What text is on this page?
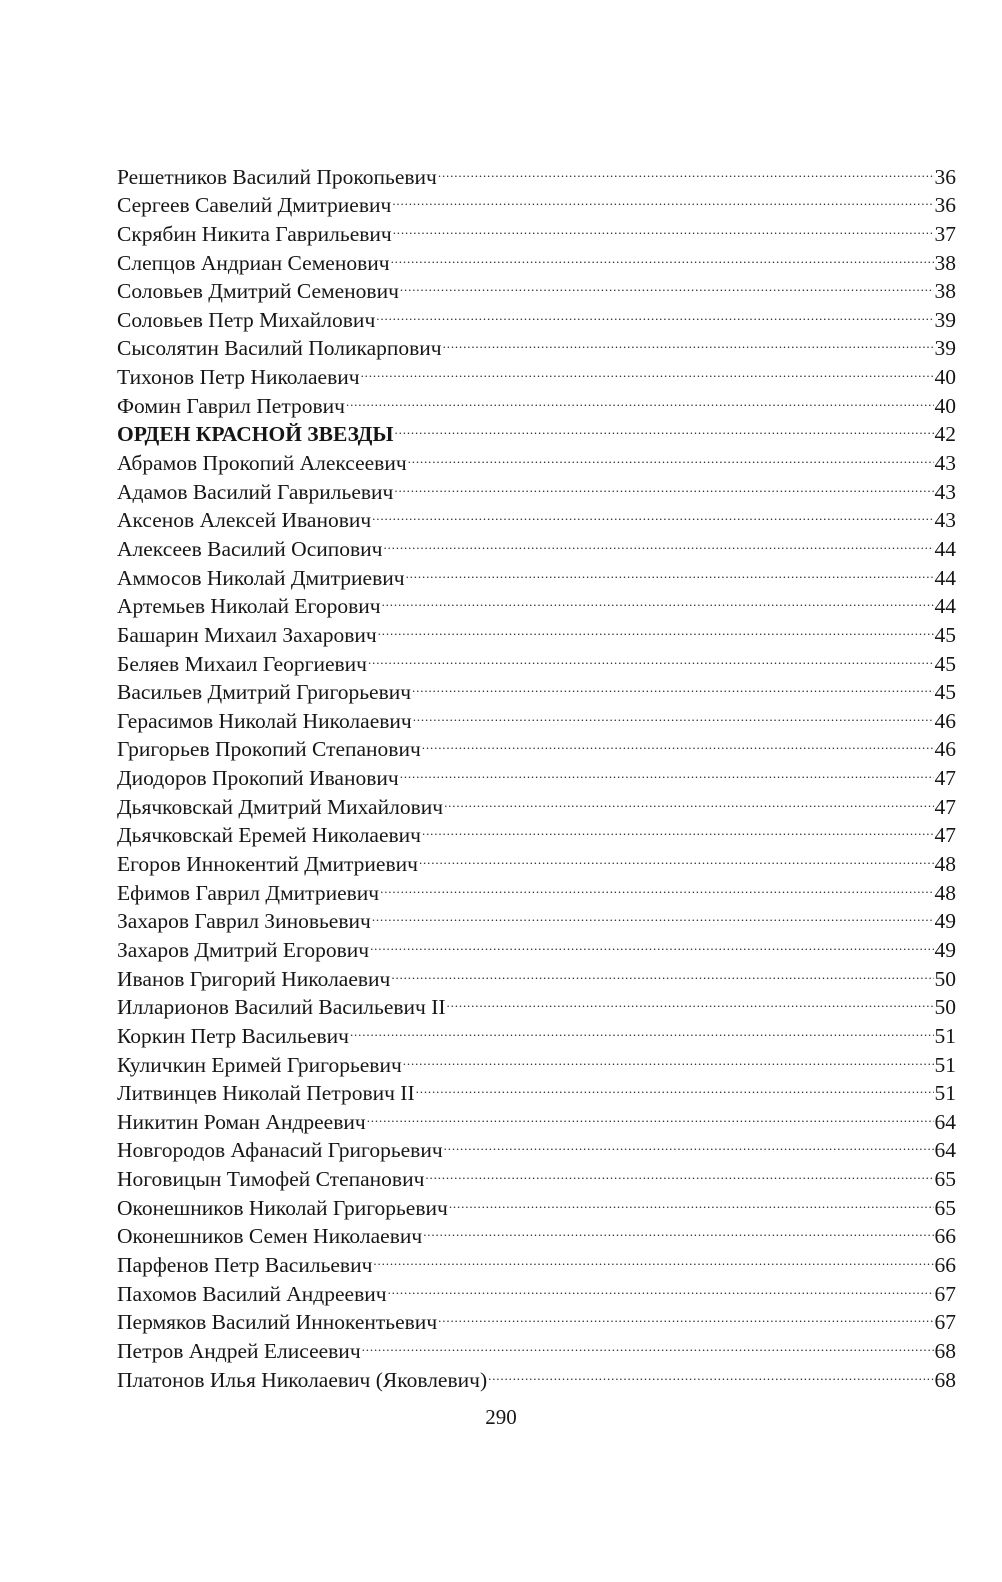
Решетников Василий Прокопьевич . . .	36
Сергеев Савелий Дмитриевич . . .	36
Скрябин Никита Гаврильевич . . .	37
Слепцов Андриан Семенович . . .	38
Соловьев Дмитрий Семенович . . .	38
Соловьев Петр Михайлович . . .	39
Сысолятин Василий Поликарпович . . .	39
Тихонов Петр Николаевич . . .	40
Фомин Гаврил Петрович . . .	40
ОРДЕН КРАСНОЙ ЗВЕЗДЫ . . .	42
Абрамов Прокопий Алексеевич . . .	43
Адамов Василий Гаврильевич . . .	43
Аксенов Алексей Иванович . . .	43
Алексеев Василий Осипович . . .	44
Аммосов Николай Дмитриевич . . .	44
Артемьев Николай Егорович . . .	44
Башарин Михаил Захарович . . .	45
Беляев Михаил Георгиевич . . .	45
Васильев Дмитрий Григорьевич . . .	45
Герасимов Николай Николаевич . . .	46
Григорьев Прокопий Степанович . . .	46
Диодоров Прокопий Иванович . . .	47
Дьячковскай Дмитрий Михайлович . . .	47
Дьячковскай Еремей Николаевич . . .	47
Егоров Иннокентий Дмитриевич . . .	48
Ефимов Гаврил Дмитриевич . . .	48
Захаров Гаврил Зиновьевич . . .	49
Захаров Дмитрий Егорович . . .	49
Иванов Григорий Николаевич . . .	50
Илларионов Василий Васильевич II . . .	50
Коркин Петр Васильевич . . .	51
Куличкин Еримей Григорьевич . . .	51
Литвинцев Николай Петрович II . . .	51
Никитин Роман Андреевич . . .	64
Новгородов Афанасий Григорьевич . . .	64
Ноговицын Тимофей Степанович . . .	65
Оконешников Николай Григорьевич . . .	65
Оконешников Семен Николаевич . . .	66
Парфенов Петр Васильевич . . .	66
Пахомов Василий Андреевич . . .	67
Пермяков Василий Иннокентьевич . . .	67
Петров Андрей Елисеевич . . .	68
Платонов Илья Николаевич (Яковлевич) . . .	68
290
